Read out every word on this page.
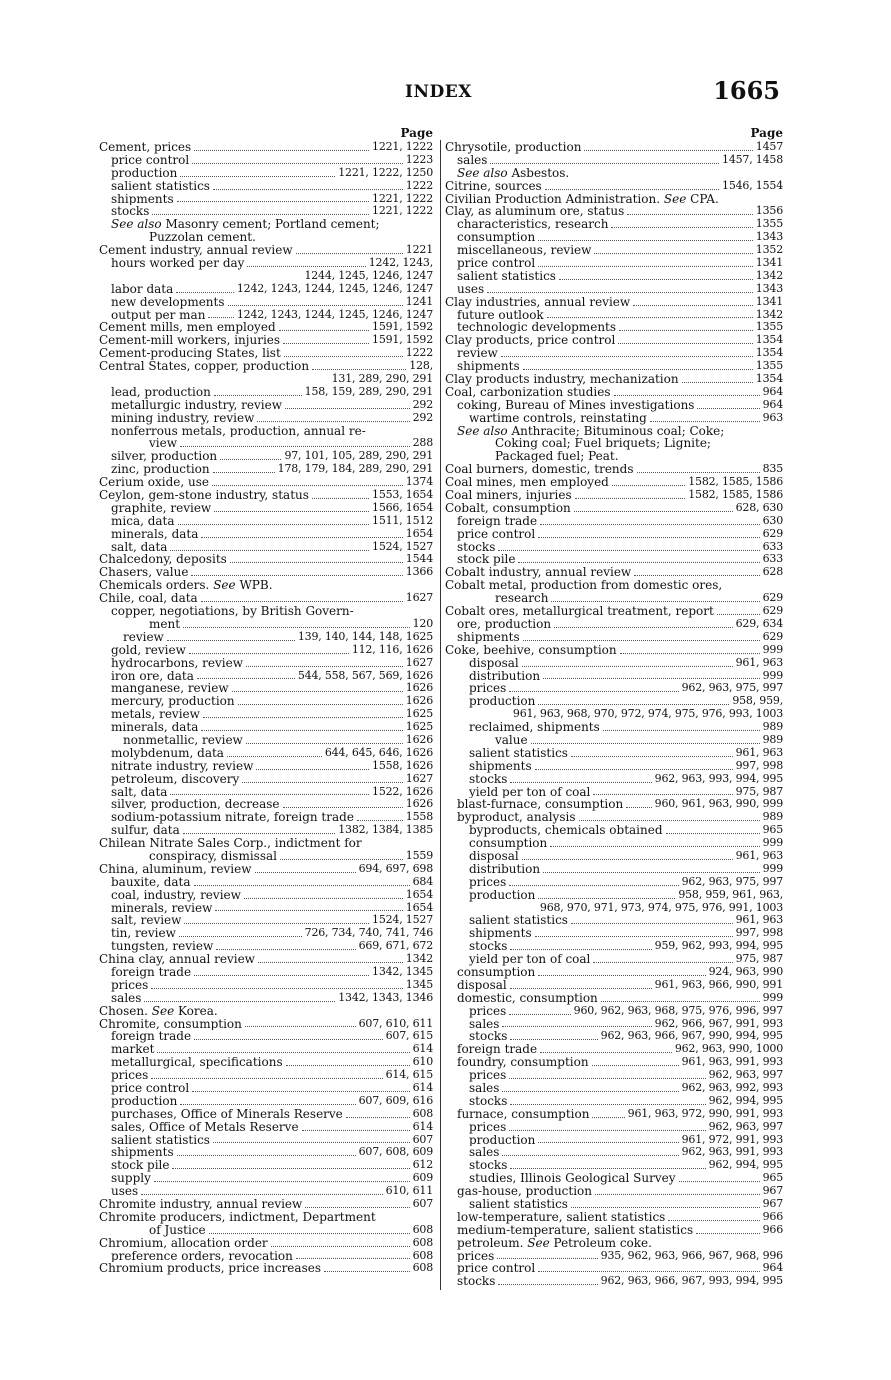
INDEX	1665
Page
Cement, prices	1221, 1222
price control	1223
production	1221, 1222, 1250
salient statistics	1222
shipments	1221, 1222
stocks	1221, 1222
See also Masonry cement; Portland cement;
Puzzolan cement.
Cement industry, annual review	1221
hours worked per day	1242, 1243,
1244, 1245, 1246, 1247
labor data	1242, 1243, 1244, 1245, 1246, 1247
new developments	1241
output per man	1242, 1243, 1244, 1245, 1246, 1247
Cement mills, men employed	1591, 1592
Cement-mill workers, injuries	1591, 1592
Cement-producing States, list	1222
Central States, copper, production	128,
131, 289, 290, 291
lead, production	158, 159, 289, 290, 291
metallurgic industry, review	292
mining industry, review	292
nonferrous metals, production, annual re-
view	288
silver, production	97, 101, 105, 289, 290, 291
zinc, production	178, 179, 184, 289, 290, 291
Cerium oxide, use	1374
Ceylon, gem-stone industry, status	1553, 1654
graphite, review	1566, 1654
mica, data	1511, 1512
minerals, data	1654
salt, data	1524, 1527
Chalcedony, deposits	1544
Chasers, value	1366
Chemicals orders. See WPB.
Chile, coal, data	1627
copper, negotiations, by British Govern-
ment	120
review	139, 140, 144, 148, 1625
gold, review	112, 116, 1626
hydrocarbons, review	1627
iron ore, data	544, 558, 567, 569, 1626
manganese, review	1626
mercury, production	1626
metals, review	1625
minerals, data	1625
nonmetallic, review	1626
molybdenum, data	644, 645, 646, 1626
nitrate industry, review	1558, 1626
petroleum, discovery	1627
salt, data	1522, 1626
silver, production, decrease	1626
sodium-potassium nitrate, foreign trade	1558
sulfur, data	1382, 1384, 1385
Chilean Nitrate Sales Corp., indictment for
conspiracy, dismissal	1559
China, aluminum, review	694, 697, 698
bauxite, data	684
coal, industry, review	1654
minerals, review	1654
salt, review	1524, 1527
tin, review	726, 734, 740, 741, 746
tungsten, review	669, 671, 672
China clay, annual review	1342
foreign trade	1342, 1345
prices	1345
sales	1342, 1343, 1346
Chosen. See Korea.
Chromite, consumption	607, 610, 611
foreign trade	607, 615
market	614
metallurgical, specifications	610
prices	614, 615
price control	614
production	607, 609, 616
purchases, Office of Minerals Reserve	608
sales, Office of Metals Reserve	614
salient statistics	607
shipments	607, 608, 609
stock pile	612
supply	609
uses	610, 611
Chromite industry, annual review	607
Chromite producers, indictment, Department
of Justice	608
Chromium, allocation order	608
preference orders, revocation	608
Chromium products, price increases	608
Page
Chrysotile, production	1457
sales	1457, 1458
See also Asbestos.
Citrine, sources	1546, 1554
Civilian Production Administration. See CPA.
Clay, as aluminum ore, status	1356
characteristics, research	1355
consumption	1343
miscellaneous, review	1352
price control	1341
salient statistics	1342
uses	1343
Clay industries, annual review	1341
future outlook	1342
technologic developments	1355
Clay products, price control	1354
review	1354
shipments	1355
Clay products industry, mechanization	1354
Coal, carbonization studies	964
coking, Bureau of Mines investigations	964
wartime controls, reinstating	963
See also Anthracite; Bituminous coal; Coke;
Coking coal; Fuel briquets; Lignite;
Packaged fuel; Peat.
Coal burners, domestic, trends	835
Coal mines, men employed	1582, 1585, 1586
Coal miners, injuries	1582, 1585, 1586
Cobalt, consumption	628, 630
foreign trade	630
price control	629
stocks	633
stock pile	633
Cobalt industry, annual review	628
Cobalt metal, production from domestic ores,
research	629
Cobalt ores, metallurgical treatment, report	629
ore, production	629, 634
shipments	629
Coke, beehive, consumption	999
disposal	961, 963
distribution	999
prices	962, 963, 975, 997
production	958, 959,
961, 963, 968, 970, 972, 974, 975, 976, 993, 1003
reclaimed, shipments	989
value	989
salient statistics	961, 963
shipments	997, 998
stocks	962, 963, 993, 994, 995
yield per ton of coal	975, 987
blast-furnace, consumption	960, 961, 963, 990, 999
byproduct, analysis	989
byproducts, chemicals obtained	965
consumption	999
disposal	961, 963
distribution	999
prices	962, 963, 975, 997
production	958, 959, 961, 963,
968, 970, 971, 973, 974, 975, 976, 991, 1003
salient statistics	961, 963
shipments	997, 998
stocks	959, 962, 993, 994, 995
yield per ton of coal	975, 987
consumption	924, 963, 990
disposal	961, 963, 966, 990, 991
domestic, consumption	999
prices	960, 962, 963, 968, 975, 976, 996, 997
sales	962, 966, 967, 991, 993
stocks	962, 963, 966, 967, 990, 994, 995
foreign trade	962, 963, 990, 1000
foundry, consumption	961, 963, 991, 993
prices	962, 963, 997
sales	962, 963, 992, 993
stocks	962, 994, 995
furnace, consumption	961, 963, 972, 990, 991, 993
prices	962, 963, 997
production	961, 972, 991, 993
sales	962, 963, 991, 993
stocks	962, 994, 995
studies, Illinois Geological Survey	965
gas-house, production	967
salient statistics	967
low-temperature, salient statistics	966
medium-temperature, salient statistics	966
petroleum. See Petroleum coke.
prices	935, 962, 963, 966, 967, 968, 996
price control	964
stocks	962, 963, 966, 967, 993, 994, 995
